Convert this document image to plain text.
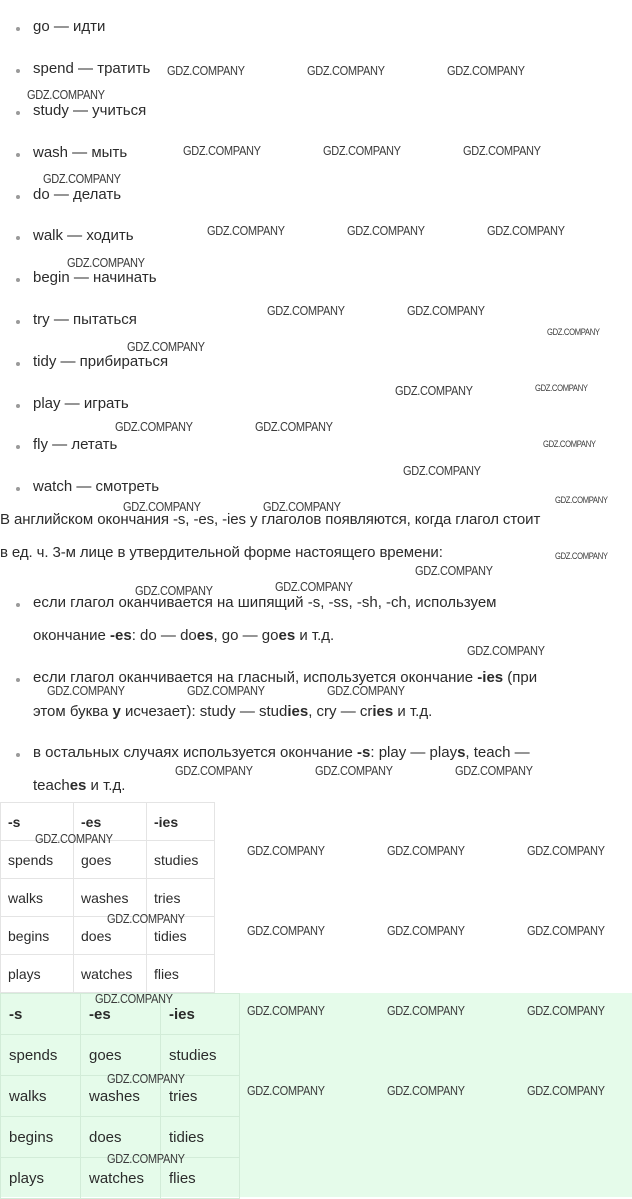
go — идти
spend — тратить
study — учиться
wash — мыть
do — делать
walk — ходить
begin — начинать
try — пытаться
tidy — прибираться
play — играть
fly — летать
watch — смотреть
В английском окончания -s, -es, -ies у глаголов появляются, когда глагол стоит
в ед. ч. 3-м лице в утвердительной форме настоящего времени:
если глагол оканчивается на шипящий -s, -ss, -sh, -ch, используем
окончание -es: do — does, go — goes и т.д.
если глагол оканчивается на гласный, используется окончание -ies (при
этом буква y исчезает): study — studies, cry — cries и т.д.
в остальных случаях используется окончание -s: play — plays, teach —
teaches и т.д.
-s	-es	-ies
spends	goes	studies
walks	washes	tries
begins	does	tidies
plays	watches	flies
-s	-es	-ies
spends	goes	studies
walks	washes	tries
begins	does	tidies
plays	watches	flies
GDZ.COMPANY	GDZ.COMPANY	GDZ.COMPANY
GDZ.COMPANY
GDZ.COMPANY	GDZ.COMPANY	GDZ.COMPANY
GDZ.COMPANY
GDZ.COMPANY	GDZ.COMPANY	GDZ.COMPANY
GDZ.COMPANY
GDZ.COMPANY	GDZ.COMPANY
GDZ.COMPANY
GDZ.COMPANY
GDZ.COMPANY	GDZ.COMPANY
GDZ.COMPANY	GDZ.COMPANY
GDZ.COMPANY
GDZ.COMPANY
GDZ.COMPANY
GDZ.COMPANY	GDZ.COMPANY
GDZ.COMPANY
GDZ.COMPANY
GDZ.COMPANY
GDZ.COMPANY
GDZ.COMPANY
GDZ.COMPANY	GDZ.COMPANY	GDZ.COMPANY
GDZ.COMPANY	GDZ.COMPANY	GDZ.COMPANY
GDZ.COMPANY
GDZ.COMPANY	GDZ.COMPANY	GDZ.COMPANY
GDZ.COMPANY
GDZ.COMPANY	GDZ.COMPANY	GDZ.COMPANY
GDZ.COMPANY
GDZ.COMPANY	GDZ.COMPANY	GDZ.COMPANY
GDZ.COMPANY
GDZ.COMPANY	GDZ.COMPANY	GDZ.COMPANY
GDZ.COMPANY
